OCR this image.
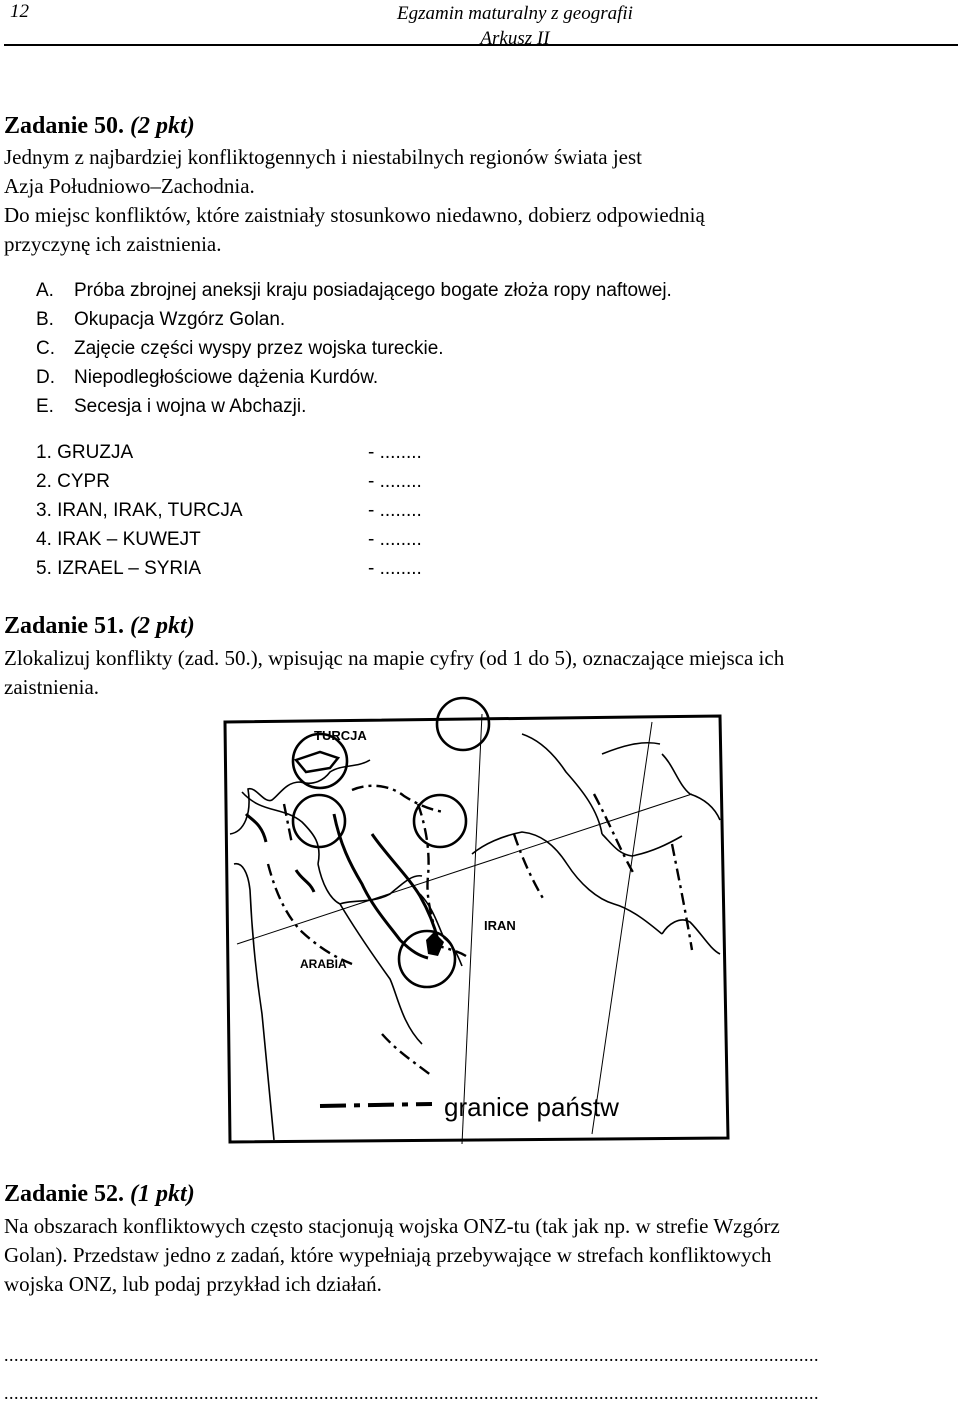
12	Egzamin maturalny z geografii
Arkusz II
Zadanie 50. (2 pkt)
Jednym z najbardziej konfliktogennych i niestabilnych regionów świata jest
Azja Południowo–Zachodnia.
Do miejsc konfliktów, które zaistniały stosunkowo niedawno, dobierz odpowiednią
przyczynę ich zaistnienia.
A. Próba zbrojnej aneksji kraju posiadającego bogate złoża ropy naftowej.
B. Okupacja Wzgórz Golan.
C. Zajęcie części wyspy przez wojska tureckie.
D. Niepodległościowe dążenia Kurdów.
E. Secesja i wojna w Abchazji.
1. GRUZJA	- ........
2. CYPR	- ........
3. IRAN, IRAK, TURCJA	- ........
4. IRAK – KUWEJT	- ........
5. IZRAEL – SYRIA	- ........
Zadanie 51. (2 pkt)
Zlokalizuj konflikty (zad. 50.), wpisując na mapie cyfry (od 1 do 5), oznaczające miejsca ich
zaistnienia.
TURCJA
IRAN
ARABIA
granice państw
Zadanie 52. (1 pkt)
Na obszarach konfliktowych często stacjonują wojska ONZ-tu (tak jak np. w strefie Wzgórz
Golan). Przedstaw jedno z zadań, które wypełniają przebywające w strefach konfliktowych
wojska ONZ, lub podaj przykład ich działań.
...................................................................................................................................................................
...................................................................................................................................................................
